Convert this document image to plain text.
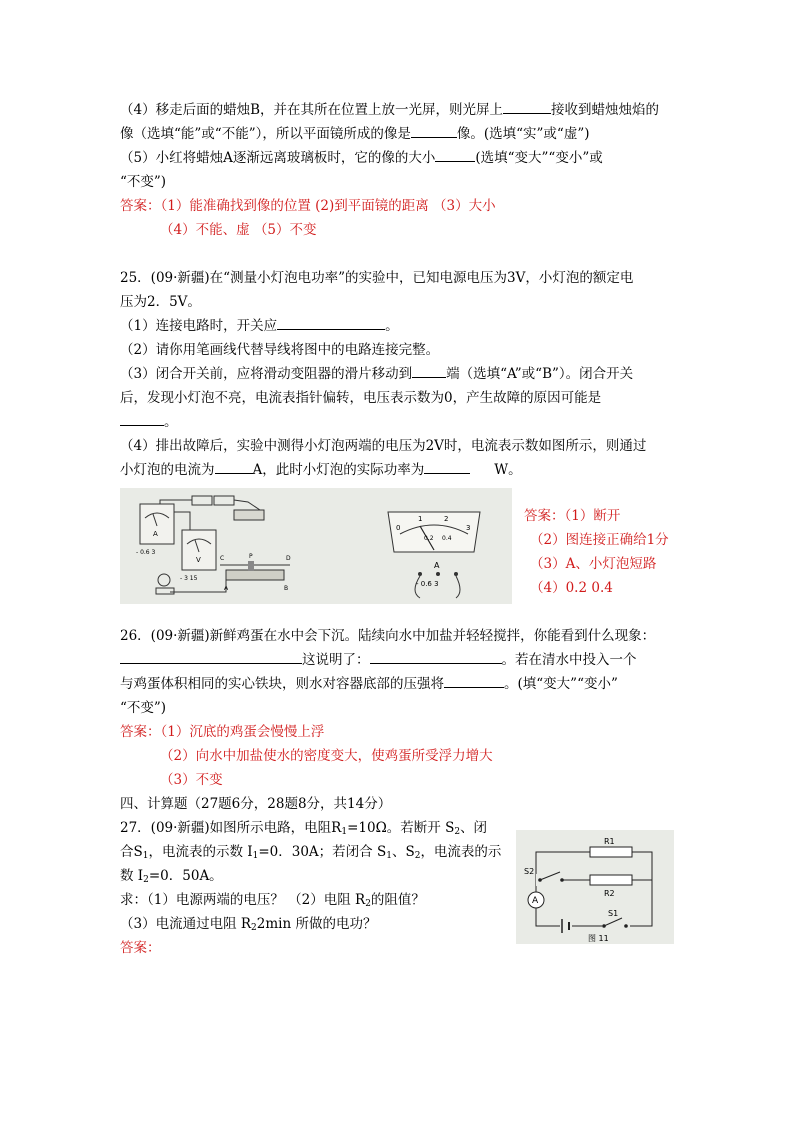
（4）移走后面的蜡烛B，并在其所在位置上放一光屏，则光屏上	接收到蜡烛烛焰的
像（选填“能”或“不能”），所以平面镜所成的像是	像。(选填“实”或“虚”)
（5）小红将蜡烛A逐渐远离玻璃板时，它的像的大小	(选填“变大”“变小”或
“不变”)
答案：（1）能准确找到像的位置 (2)到平面镜的距离 （3）大小
（4）不能、虚 （5）不变
25．(09·新疆)在“测量小灯泡电功率”的实验中，已知电源电压为3V，小灯泡的额定电
压为2．5V。
（1）连接电路时，开关应	。
（2）请你用笔画线代替导线将图中的电路连接完整。
（3）闭合开关前，应将滑动变阻器的滑片移动到	端（选填“A”或“B”）。闭合开关
后，发现小灯泡不亮，电流表指针偏转，电压表示数为0，产生故障的原因可能是
。
（4）排出故障后，实验中测得小灯泡两端的电压为2V时，电流表示数如图所示，则通过
小灯泡的电流为	A，此时小灯泡的实际功率为	W。
A
- 0.6 3
V
- 3 15
C	P	D
A	B
0
1	2
3
0.2 0.4
A
- 0.6 3
答案：（1）断开
（2）图连接正确给1分
（3）A、小灯泡短路
（4）0.2 0.4
26．(09·新疆)新鲜鸡蛋在水中会下沉。陆续向水中加盐并轻轻搅拌，你能看到什么现象：
这说明了：	。若在清水中投入一个
与鸡蛋体积相同的实心铁块，则水对容器底部的压强将	。(填“变大”“变小”
“不变”)
答案：（1）沉底的鸡蛋会慢慢上浮
（2）向水中加盐使水的密度变大，使鸡蛋所受浮力增大
（3）不变
四、计算题（27题6分，28题8分，共14分）
27．(09·新疆)如图所示电路，电阻$R_1=10\Omega$。若断开 $S_2$、闭
合$S_1$，电流表的示数 $I_1=0$．30A；若闭合 $S_1$、$S_2$，电流表的示
数 $I_2=0$．50A。
求：（1）电源两端的电压？ （2）电阻 $R_2$的阻值？
（3）电流通过电阻 $R_22\min$ 所做的电功？
答案：
R1
S2
R2
A
S1
图 11
